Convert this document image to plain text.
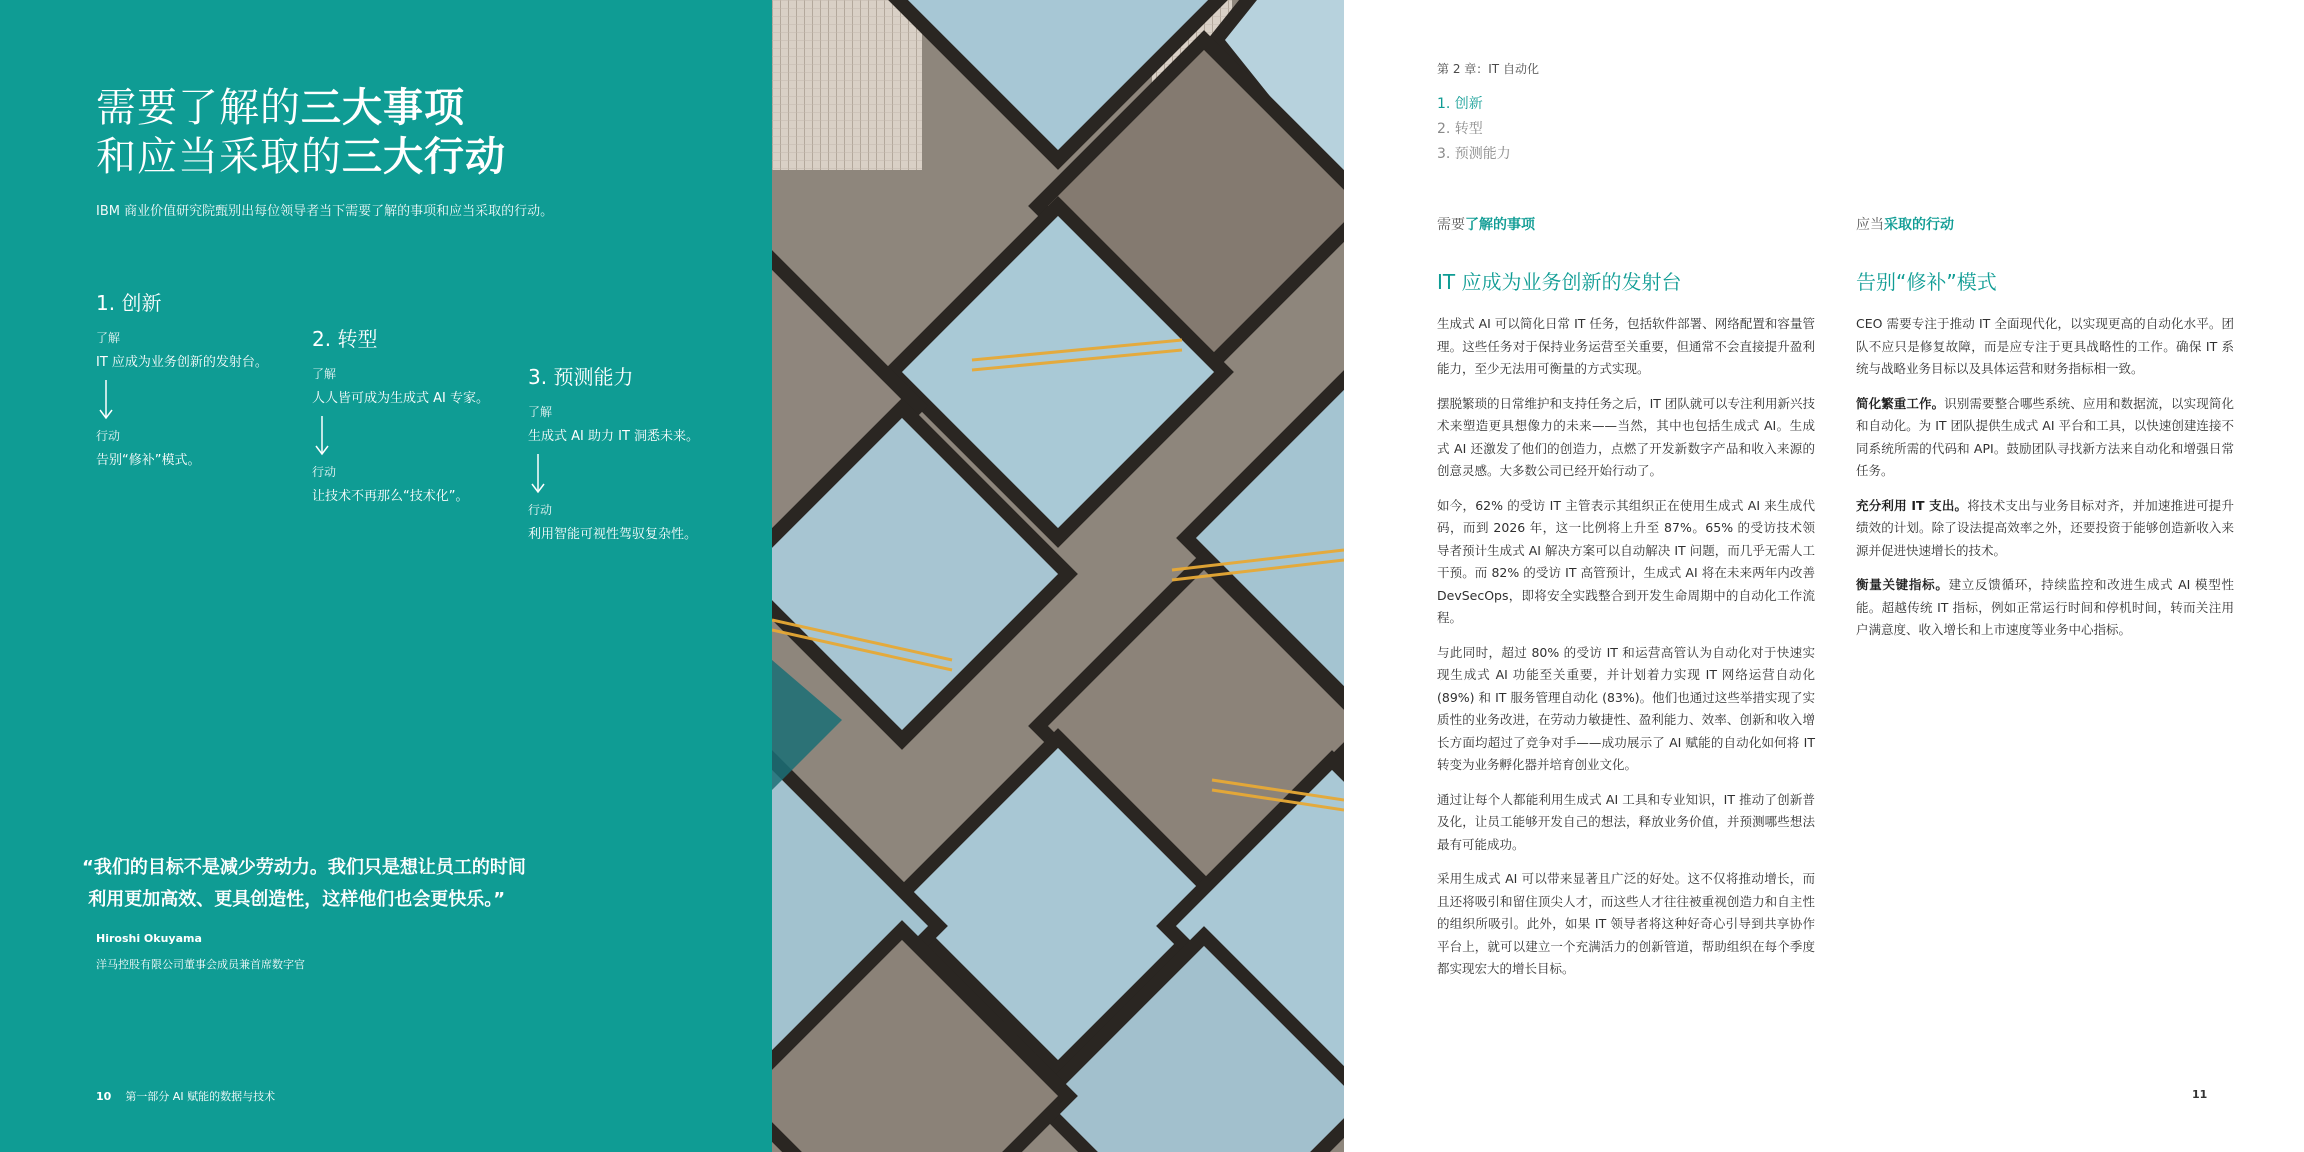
需要了解的三大事项
和应当采取的三大行动
IBM 商业价值研究院甄别出每位领导者当下需要了解的事项和应当采取的行动。
1. 创新
了解
IT 应成为业务创新的发射台。
行动
告别“修补”模式。
2. 转型
了解
人人皆可成为生成式 AI 专家。
行动
让技术不再那么“技术化”。
3. 预测能力
了解
生成式 AI 助力 IT 洞悉未来。
行动
利用智能可视性驾驭复杂性。

“我们的目标不是减少劳动力。我们只是想让员工的时间
利用更加高效、更具创造性，这样他们也会更快乐。”

Hiroshi Okuyama
洋马控股有限公司董事会成员兼首席数字官
10 第一部分 AI 赋能的数据与技术
第 2 章：IT 自动化
1. 创新
2. 转型
3. 预测能力
需要了解的事项
IT 应成为业务创新的发射台

生成式 AI 可以简化日常 IT 任务，包括软件部署、网络配置和容量管理。这些任务对于保持业务运营至关重要，但通常不会直接提升盈利能力，至少无法用可衡量的方式实现。

摆脱繁琐的日常维护和支持任务之后，IT 团队就可以专注利用新兴技术来塑造更具想像力的未来——当然，其中也包括生成式 AI。生成式 AI 还激发了他们的创造力，点燃了开发新数字产品和收入来源的创意灵感。大多数公司已经开始行动了。

如今，62% 的受访 IT 主管表示其组织正在使用生成式 AI 来生成代码，而到 2026 年，这一比例将上升至 87%。65% 的受访技术领导者预计生成式 AI 解决方案可以自动解决 IT 问题，而几乎无需人工干预。而 82% 的受访 IT 高管预计，生成式 AI 将在未来两年内改善 DevSecOps，即将安全实践整合到开发生命周期中的自动化工作流程。

与此同时，超过 80% 的受访 IT 和运营高管认为自动化对于快速实现生成式 AI 功能至关重要，并计划着力实现 IT 网络运营自动化 (89%) 和 IT 服务管理自动化 (83%)。他们也通过这些举措实现了实质性的业务改进，在劳动力敏捷性、盈利能力、效率、创新和收入增长方面均超过了竞争对手——成功展示了 AI 赋能的自动化如何将 IT 转变为业务孵化器并培育创业文化。

通过让每个人都能利用生成式 AI 工具和专业知识，IT 推动了创新普及化，让员工能够开发自己的想法，释放业务价值，并预测哪些想法最有可能成功。

采用生成式 AI 可以带来显著且广泛的好处。这不仅将推动增长，而且还将吸引和留住顶尖人才，而这些人才往往被重视创造力和自主性的组织所吸引。此外，如果 IT 领导者将这种好奇心引导到共享协作平台上，就可以建立一个充满活力的创新管道，帮助组织在每个季度都实现宏大的增长目标。

应当采取的行动
告别“修补”模式

CEO 需要专注于推动 IT 全面现代化，以实现更高的自动化水平。团队不应只是修复故障，而是应专注于更具战略性的工作。确保 IT 系统与战略业务目标以及具体运营和财务指标相一致。

简化繁重工作。识别需要整合哪些系统、应用和数据流，以实现简化和自动化。为 IT 团队提供生成式 AI 平台和工具，以快速创建连接不同系统所需的代码和 API。鼓励团队寻找新方法来自动化和增强日常任务。

充分利用 IT 支出。将技术支出与业务目标对齐，并加速推进可提升绩效的计划。除了设法提高效率之外，还要投资于能够创造新收入来源并促进快速增长的技术。

衡量关键指标。建立反馈循环，持续监控和改进生成式 AI 模型性能。超越传统 IT 指标，例如正常运行时间和停机时间，转而关注用户满意度、收入增长和上市速度等业务中心指标。

11
